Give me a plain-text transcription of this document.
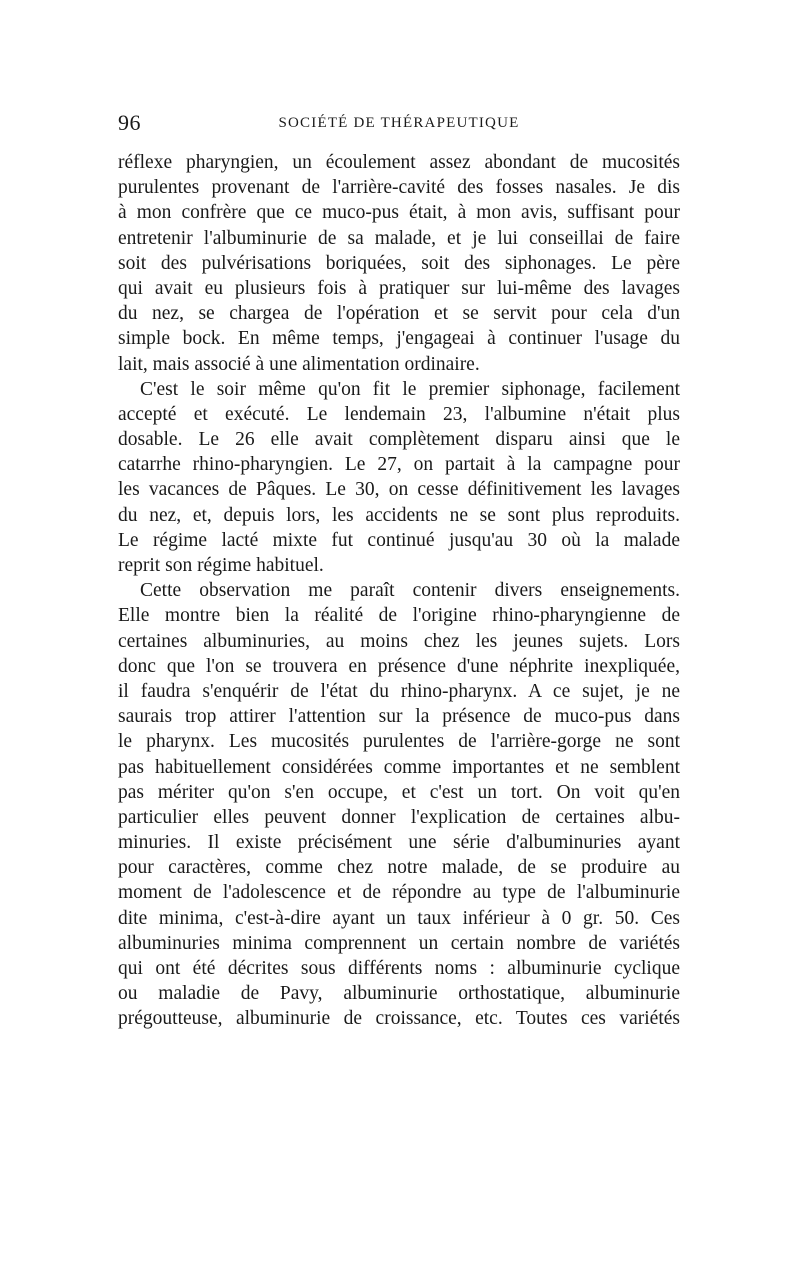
96	SOCIÉTÉ DE THÉRAPEUTIQUE
réflexe pharyngien, un écoulement assez abondant de mucosités
purulentes provenant de l'arrière-cavité des fosses nasales. Je dis
à mon confrère que ce muco-pus était, à mon avis, suffisant pour
entretenir l'albuminurie de sa malade, et je lui conseillai de faire
soit des pulvérisations boriquées, soit des siphonages. Le père
qui avait eu plusieurs fois à pratiquer sur lui-même des lavages
du nez, se chargea de l'opération et se servit pour cela d'un
simple bock. En même temps, j'engageai à continuer l'usage du
lait, mais associé à une alimentation ordinaire.
C'est le soir même qu'on fit le premier siphonage, facilement
accepté et exécuté. Le lendemain 23, l'albumine n'était plus
dosable. Le 26 elle avait complètement disparu ainsi que le
catarrhe rhino-pharyngien. Le 27, on partait à la campagne pour
les vacances de Pâques. Le 30, on cesse définitivement les lavages
du nez, et, depuis lors, les accidents ne se sont plus reproduits.
Le régime lacté mixte fut continué jusqu'au 30 où la malade
reprit son régime habituel.
Cette observation me paraît contenir divers enseignements.
Elle montre bien la réalité de l'origine rhino-pharyngienne de
certaines albuminuries, au moins chez les jeunes sujets. Lors
donc que l'on se trouvera en présence d'une néphrite inexpliquée,
il faudra s'enquérir de l'état du rhino-pharynx. A ce sujet, je ne
saurais trop attirer l'attention sur la présence de muco-pus dans
le pharynx. Les mucosités purulentes de l'arrière-gorge ne sont
pas habituellement considérées comme importantes et ne semblent
pas mériter qu'on s'en occupe, et c'est un tort. On voit qu'en
particulier elles peuvent donner l'explication de certaines albu-
minuries. Il existe précisément une série d'albuminuries ayant
pour caractères, comme chez notre malade, de se produire au
moment de l'adolescence et de répondre au type de l'albuminurie
dite minima, c'est-à-dire ayant un taux inférieur à 0 gr. 50. Ces
albuminuries minima comprennent un certain nombre de variétés
qui ont été décrites sous différents noms : albuminurie cyclique
ou maladie de Pavy, albuminurie orthostatique, albuminurie
prégoutteuse, albuminurie de croissance, etc. Toutes ces variétés
